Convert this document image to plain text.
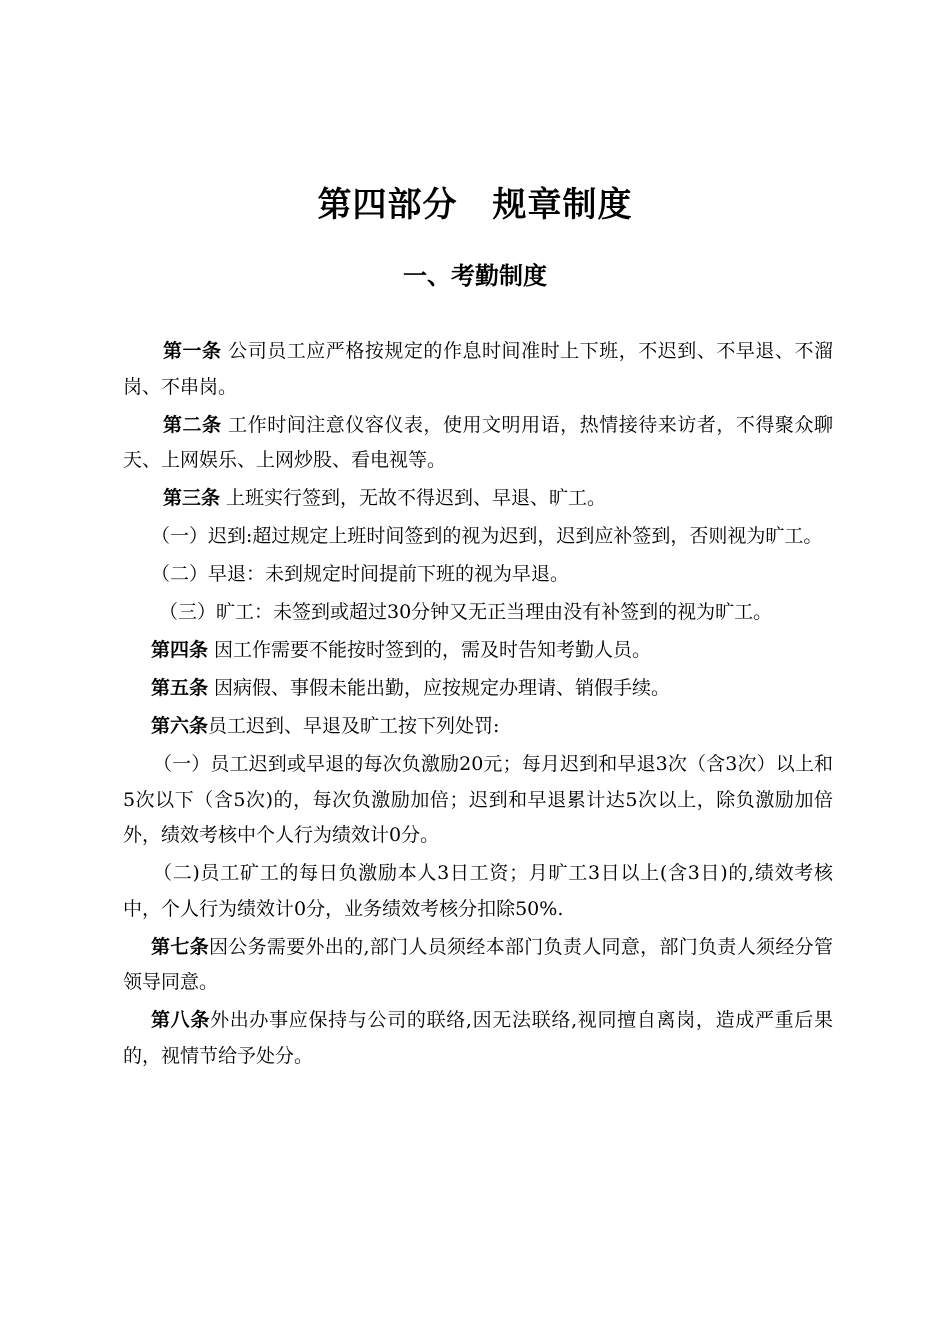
第四部分　规章制度
一、考勤制度

第一条 公司员工应严格按规定的作息时间准时上下班，不迟到、不早退、不溜岗、不串岗。

第二条 工作时间注意仪容仪表，使用文明用语，热情接待来访者，不得聚众聊天、上网娱乐、上网炒股、看电视等。

第三条 上班实行签到，无故不得迟到、早退、旷工。

（一）迟到:超过规定上班时间签到的视为迟到，迟到应补签到，否则视为旷工。

（二）早退：未到规定时间提前下班的视为早退。

（三）旷工：未签到或超过30分钟又无正当理由没有补签到的视为旷工。

第四条 因工作需要不能按时签到的，需及时告知考勤人员。

第五条 因病假、事假未能出勤，应按规定办理请、销假手续。

第六条员工迟到、早退及旷工按下列处罚:

（一）员工迟到或早退的每次负激励20元；每月迟到和早退3次（含3次）以上和5次以下（含5次)的，每次负激励加倍；迟到和早退累计达5次以上，除负激励加倍外，绩效考核中个人行为绩效计0分。

（二)员工矿工的每日负激励本人3日工资；月旷工3日以上(含3日)的,绩效考核中，个人行为绩效计0分，业务绩效考核分扣除50%.

第七条因公务需要外出的,部门人员须经本部门负责人同意，部门负责人须经分管领导同意。

第八条外出办事应保持与公司的联络,因无法联络,视同擅自离岗，造成严重后果的，视情节给予处分。
